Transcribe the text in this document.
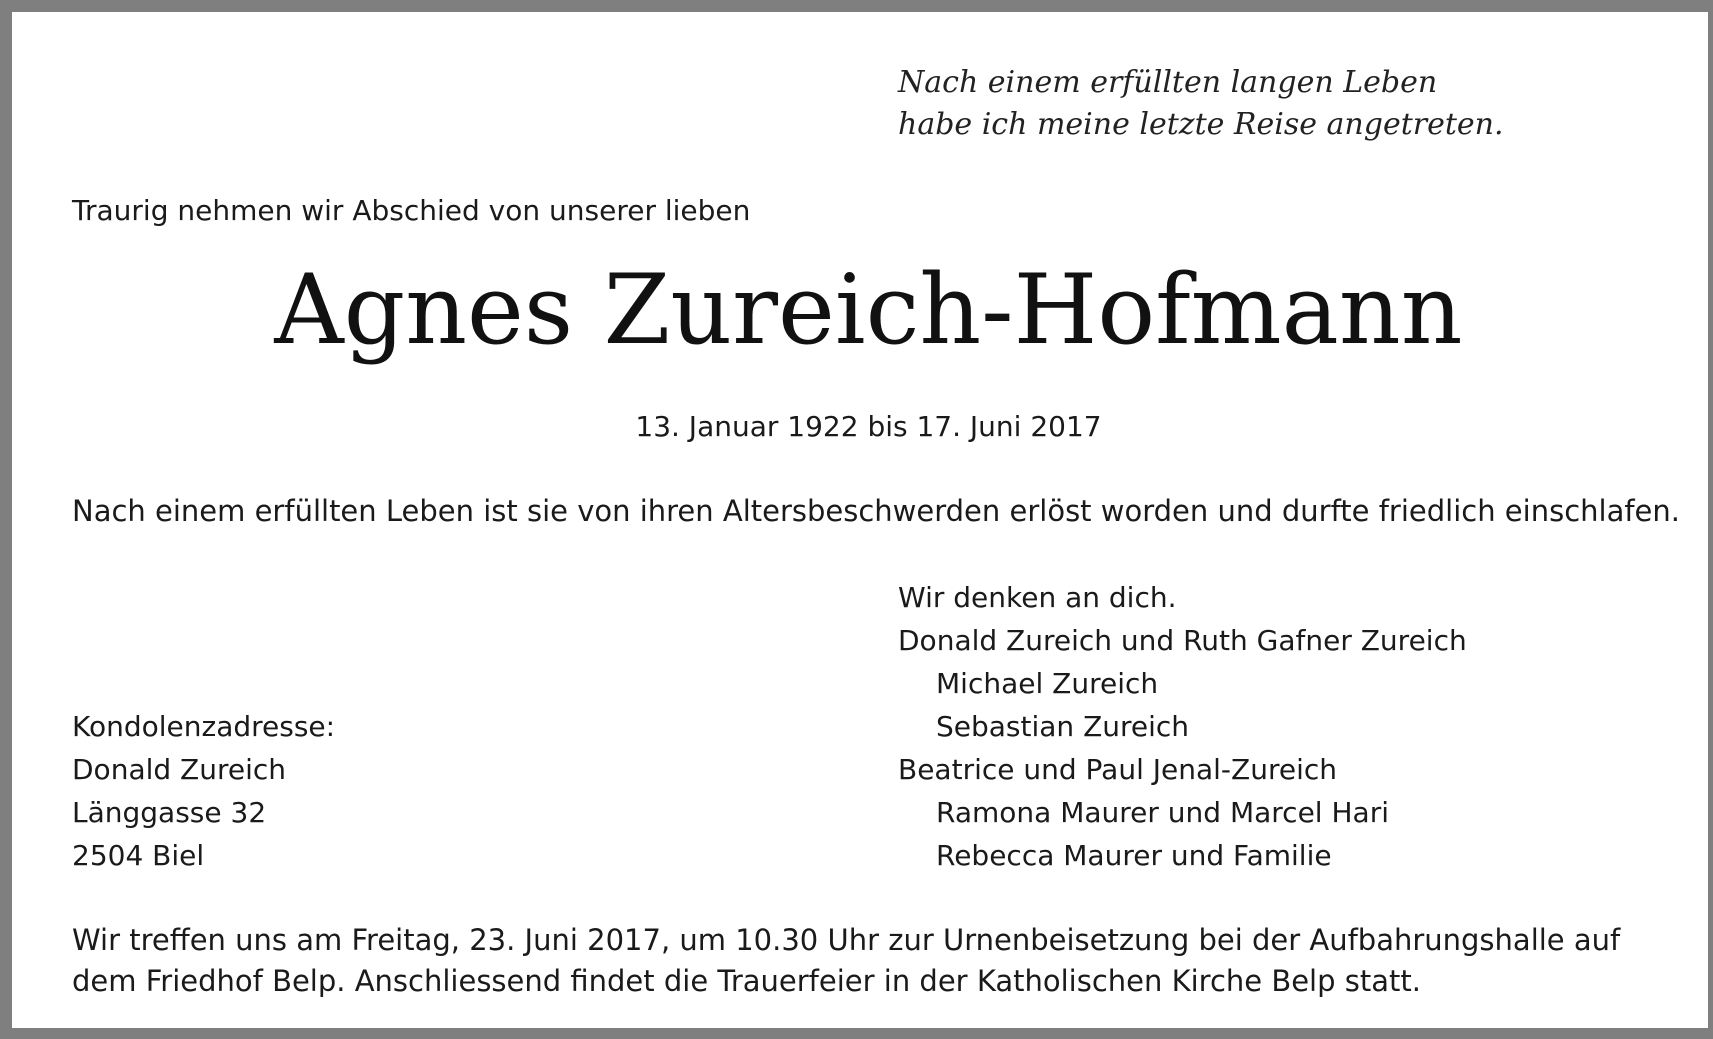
Nach einem erfüllten langen Leben
habe ich meine letzte Reise angetreten.
Traurig nehmen wir Abschied von unserer lieben
Agnes Zureich-Hofmann
13. Januar 1922 bis 17. Juni 2017
Nach einem erfüllten Leben ist sie von ihren Altersbeschwerden erlöst worden und durfte friedlich einschlafen.
Wir denken an dich.
Donald Zureich und Ruth Gafner Zureich
Michael Zureich
Sebastian Zureich
Beatrice und Paul Jenal-Zureich
Ramona Maurer und Marcel Hari
Rebecca Maurer und Familie
Kondolenzadresse:
Donald Zureich
Länggasse 32
2504 Biel
Wir treffen uns am Freitag, 23. Juni 2017, um 10.30 Uhr zur Urnenbeisetzung bei der Aufbahrungshalle auf
dem Friedhof Belp. Anschliessend findet die Trauerfeier in der Katholischen Kirche Belp statt.
